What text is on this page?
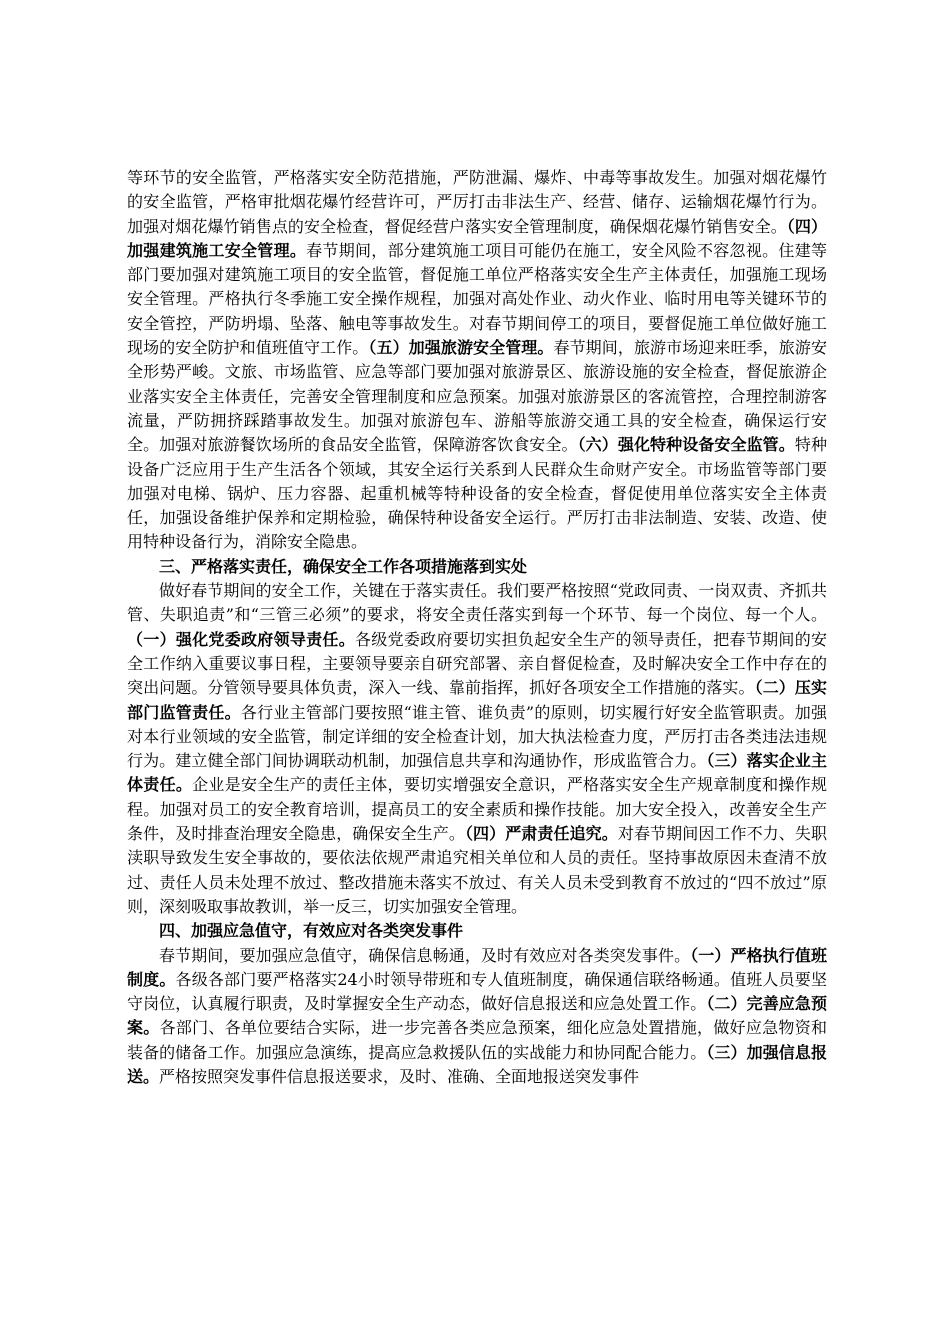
等环节的安全监管，严格落实安全防范措施，严防泄漏、爆炸、中毒等事故发生。加强对烟花爆竹的安全监管，严格审批烟花爆竹经营许可，严厉打击非法生产、经营、储存、运输烟花爆竹行为。加强对烟花爆竹销售点的安全检查，督促经营户落实安全管理制度，确保烟花爆竹销售安全。（四）加强建筑施工安全管理。春节期间，部分建筑施工项目可能仍在施工，安全风险不容忽视。住建等部门要加强对建筑施工项目的安全监管，督促施工单位严格落实安全生产主体责任，加强施工现场安全管理。严格执行冬季施工安全操作规程，加强对高处作业、动火作业、临时用电等关键环节的安全管控，严防坍塌、坠落、触电等事故发生。对春节期间停工的项目，要督促施工单位做好施工现场的安全防护和值班值守工作。（五）加强旅游安全管理。春节期间，旅游市场迎来旺季，旅游安全形势严峻。文旅、市场监管、应急等部门要加强对旅游景区、旅游设施的安全检查，督促旅游企业落实安全主体责任，完善安全管理制度和应急预案。加强对旅游景区的客流管控，合理控制游客流量，严防拥挤踩踏事故发生。加强对旅游包车、游船等旅游交通工具的安全检查，确保运行安全。加强对旅游餐饮场所的食品安全监管，保障游客饮食安全。（六）强化特种设备安全监管。特种设备广泛应用于生产生活各个领域，其安全运行关系到人民群众生命财产安全。市场监管等部门要加强对电梯、锅炉、压力容器、起重机械等特种设备的安全检查，督促使用单位落实安全主体责任，加强设备维护保养和定期检验，确保特种设备安全运行。严厉打击非法制造、安装、改造、使用特种设备行为，消除安全隐患。

三、严格落实责任，确保安全工作各项措施落到实处

做好春节期间的安全工作，关键在于落实责任。我们要严格按照“党政同责、一岗双责、齐抓共管、失职追责”和“三管三必须”的要求，将安全责任落实到每一个环节、每一个岗位、每一个人。（一）强化党委政府领导责任。各级党委政府要切实担负起安全生产的领导责任，把春节期间的安全工作纳入重要议事日程，主要领导要亲自研究部署、亲自督促检查，及时解决安全工作中存在的突出问题。分管领导要具体负责，深入一线、靠前指挥，抓好各项安全工作措施的落实。（二）压实部门监管责任。各行业主管部门要按照“谁主管、谁负责”的原则，切实履行好安全监管职责。加强对本行业领域的安全监管，制定详细的安全检查计划，加大执法检查力度，严厉打击各类违法违规行为。建立健全部门间协调联动机制，加强信息共享和沟通协作，形成监管合力。（三）落实企业主体责任。企业是安全生产的责任主体，要切实增强安全意识，严格落实安全生产规章制度和操作规程。加强对员工的安全教育培训，提高员工的安全素质和操作技能。加大安全投入，改善安全生产条件，及时排查治理安全隐患，确保安全生产。（四）严肃责任追究。对春节期间因工作不力、失职渎职导致发生安全事故的，要依法依规严肃追究相关单位和人员的责任。坚持事故原因未查清不放过、责任人员未处理不放过、整改措施未落实不放过、有关人员未受到教育不放过的“四不放过”原则，深刻吸取事故教训，举一反三，切实加强安全管理。

四、加强应急值守，有效应对各类突发事件

春节期间，要加强应急值守，确保信息畅通，及时有效应对各类突发事件。（一）严格执行值班制度。各级各部门要严格落实24小时领导带班和专人值班制度，确保通信联络畅通。值班人员要坚守岗位，认真履行职责，及时掌握安全生产动态，做好信息报送和应急处置工作。（二）完善应急预案。各部门、各单位要结合实际，进一步完善各类应急预案，细化应急处置措施，做好应急物资和装备的储备工作。加强应急演练，提高应急救援队伍的实战能力和协同配合能力。（三）加强信息报送。严格按照突发事件信息报送要求，及时、准确、全面地报送突发事件
